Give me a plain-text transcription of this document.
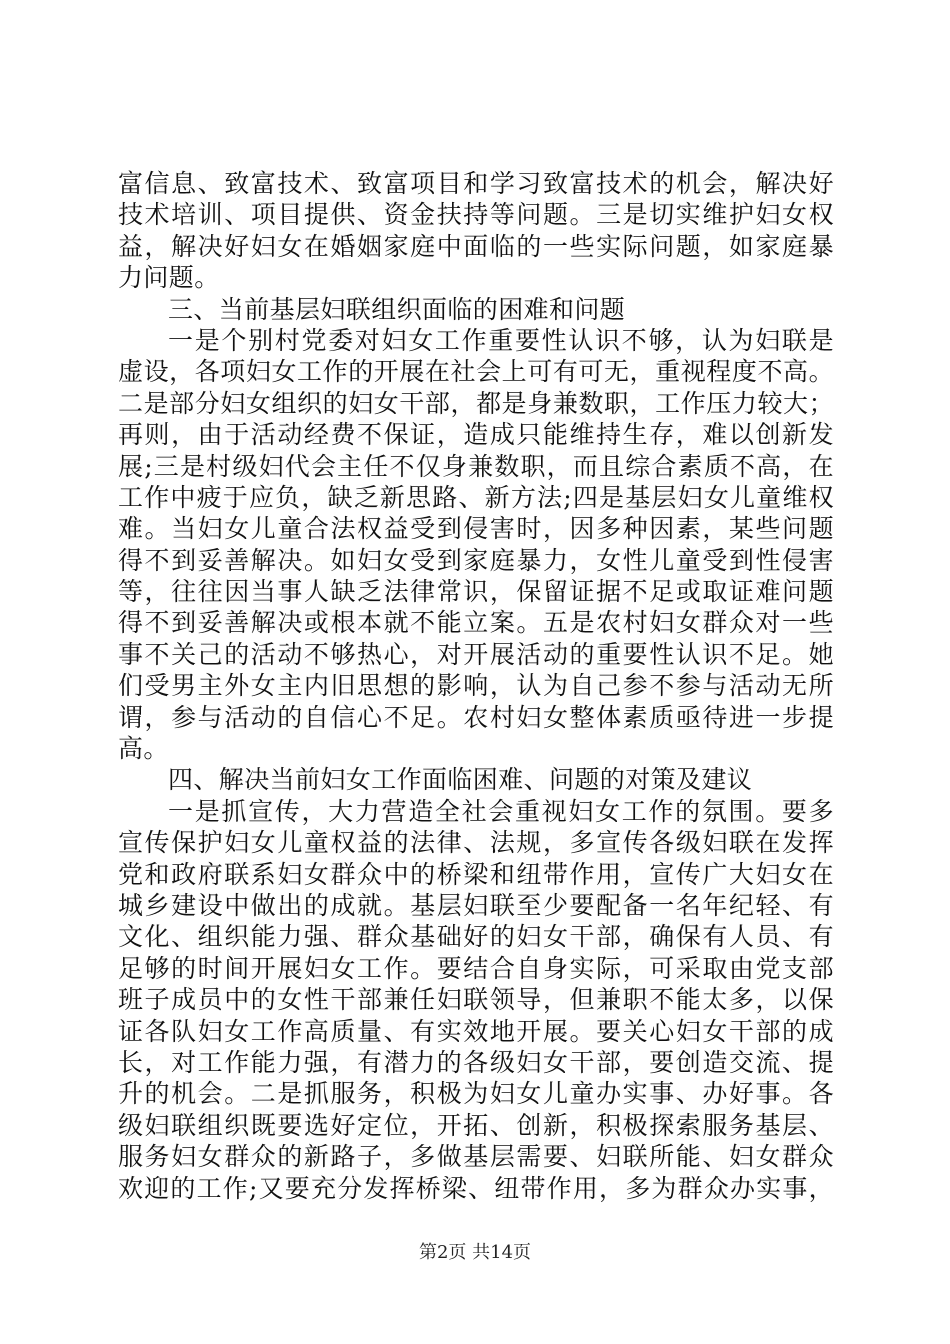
富信息、致富技术、致富项目和学习致富技术的机会，解决好
技术培训、项目提供、资金扶持等问题。三是切实维护妇女权
益，解决好妇女在婚姻家庭中面临的一些实际问题，如家庭暴
力问题。
三、当前基层妇联组织面临的困难和问题
一是个别村党委对妇女工作重要性认识不够，认为妇联是
虚设，各项妇女工作的开展在社会上可有可无，重视程度不高。
二是部分妇女组织的妇女干部，都是身兼数职，工作压力较大；
再则，由于活动经费不保证，造成只能维持生存，难以创新发
展;三是村级妇代会主任不仅身兼数职，而且综合素质不高，在
工作中疲于应负，缺乏新思路、新方法;四是基层妇女儿童维权
难。当妇女儿童合法权益受到侵害时，因多种因素，某些问题
得不到妥善解决。如妇女受到家庭暴力，女性儿童受到性侵害
等，往往因当事人缺乏法律常识，保留证据不足或取证难问题
得不到妥善解决或根本就不能立案。五是农村妇女群众对一些
事不关己的活动不够热心，对开展活动的重要性认识不足。她
们受男主外女主内旧思想的影响，认为自己参不参与活动无所
谓，参与活动的自信心不足。农村妇女整体素质亟待进一步提
高。
四、解决当前妇女工作面临困难、问题的对策及建议
一是抓宣传，大力营造全社会重视妇女工作的氛围。要多
宣传保护妇女儿童权益的法律、法规，多宣传各级妇联在发挥
党和政府联系妇女群众中的桥梁和纽带作用，宣传广大妇女在
城乡建设中做出的成就。基层妇联至少要配备一名年纪轻、有
文化、组织能力强、群众基础好的妇女干部，确保有人员、有
足够的时间开展妇女工作。要结合自身实际，可采取由党支部
班子成员中的女性干部兼任妇联领导，但兼职不能太多，以保
证各队妇女工作高质量、有实效地开展。要关心妇女干部的成
长，对工作能力强，有潜力的各级妇女干部，要创造交流、提
升的机会。二是抓服务，积极为妇女儿童办实事、办好事。各
级妇联组织既要选好定位，开拓、创新，积极探索服务基层、
服务妇女群众的新路子，多做基层需要、妇联所能、妇女群众
欢迎的工作;又要充分发挥桥梁、纽带作用，多为群众办实事，
第2页 共14页
